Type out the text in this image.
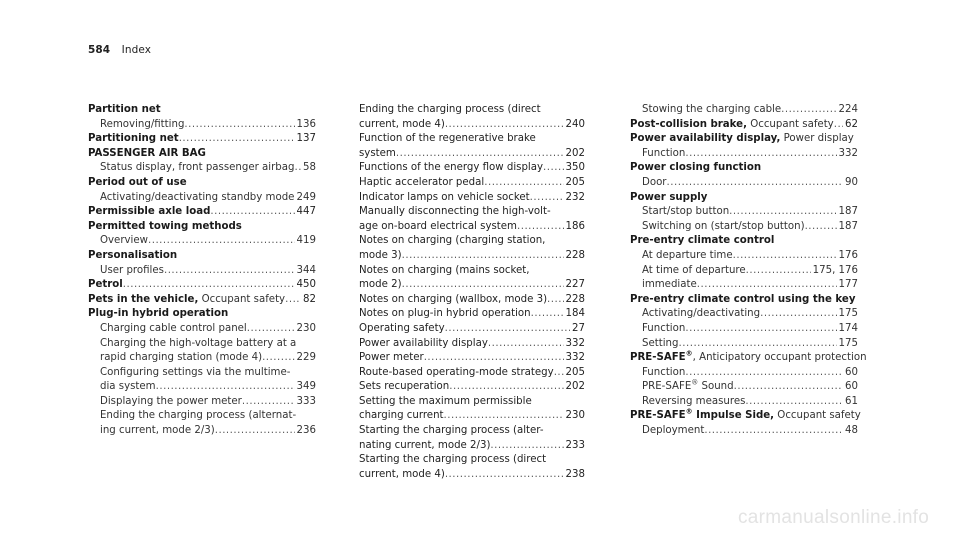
584 Index
Partition net
Removing/fitting .....	136
Partitioning net .....	137
PASSENGER AIR BAG
Status display, front passenger airbag ..... 58
Period out of use
Activating/deactivating standby mode ..... 249
Permissible axle load .....	447
Permitted towing methods
Overview .....	419
Personalisation
User profiles .....	344
Petrol .....	450
Pets in the vehicle, Occupant safety ..... 82
Plug-in hybrid operation
Charging cable control panel .....	230
Charging the high-voltage battery at a
rapid charging station (mode 4) .....	229
Configuring settings via the multime-
dia system .....	349
Displaying the power meter .....	333
Ending the charging process (alternat-
ing current, mode 2/3) .....	236
Ending the charging process (direct
current, mode 4) .....	240
Function of the regenerative brake
system .....	202
Functions of the energy flow display ..... 350
Haptic accelerator pedal .....	205
Indicator lamps on vehicle socket .....	232
Manually disconnecting the high-volt-
age on-board electrical system .....	186
Notes on charging (charging station,
mode 3) .....	228
Notes on charging (mains socket,
mode 2) .....	227
Notes on charging (wallbox, mode 3) ..... 228
Notes on plug-in hybrid operation .....	184
Operating safety .....	27
Power availability display .....	332
Power meter .....	332
Route-based operating-mode strategy ..... 205
Sets recuperation .....	202
Setting the maximum permissible
charging current .....	230
Starting the charging process (alter-
nating current, mode 2/3) .....	233
Starting the charging process (direct
current, mode 4) .....	238
Stowing the charging cable .....	224
Post-collision brake, Occupant safety ..... 62
Power availability display, Power display
Function .....	332
Power closing function
Door .....	90
Power supply
Start/stop button .....	187
Switching on (start/stop button) .....	187
Pre-entry climate control
At departure time .....	176
At time of departure .....	175, 176
immediate .....	177
Pre-entry climate control using the key
Activating/deactivating .....	175
Function .....	174
Setting .....	175
PRE-SAFE®, Anticipatory occupant protection
Function .....	60
PRE-SAFE® Sound .....	60
Reversing measures .....	61
PRE-SAFE® Impulse Side, Occupant safety
Deployment .....	48
carmanualsonline.info
